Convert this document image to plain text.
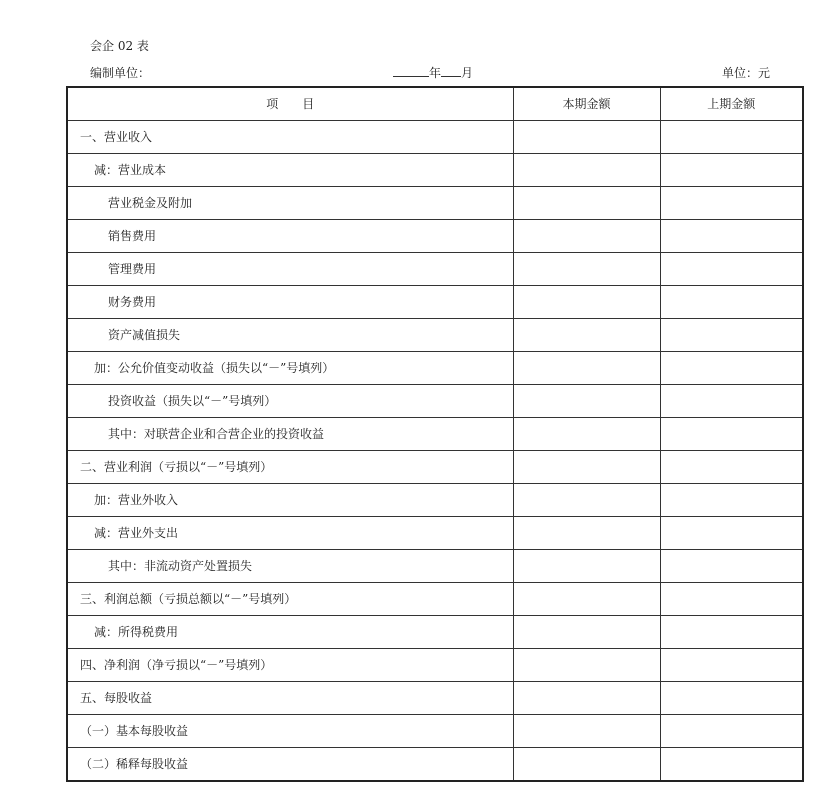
会企 02 表
编制单位：	年 月	单位：元
项　　目	本期金额	上期金额
一、营业收入		
减：营业成本		
营业税金及附加		
销售费用		
管理费用		
财务费用		
资产减值损失		
加：公允价值变动收益（损失以“－”号填列）		
投资收益（损失以“－”号填列）		
其中：对联营企业和合营企业的投资收益		
二、营业利润（亏损以“－”号填列）		
加：营业外收入		
减：营业外支出		
其中：非流动资产处置损失		
三、利润总额（亏损总额以“－”号填列）		
减：所得税费用		
四、净利润（净亏损以“－”号填列）		
五、每股收益		
（一）基本每股收益		
（二）稀释每股收益		
